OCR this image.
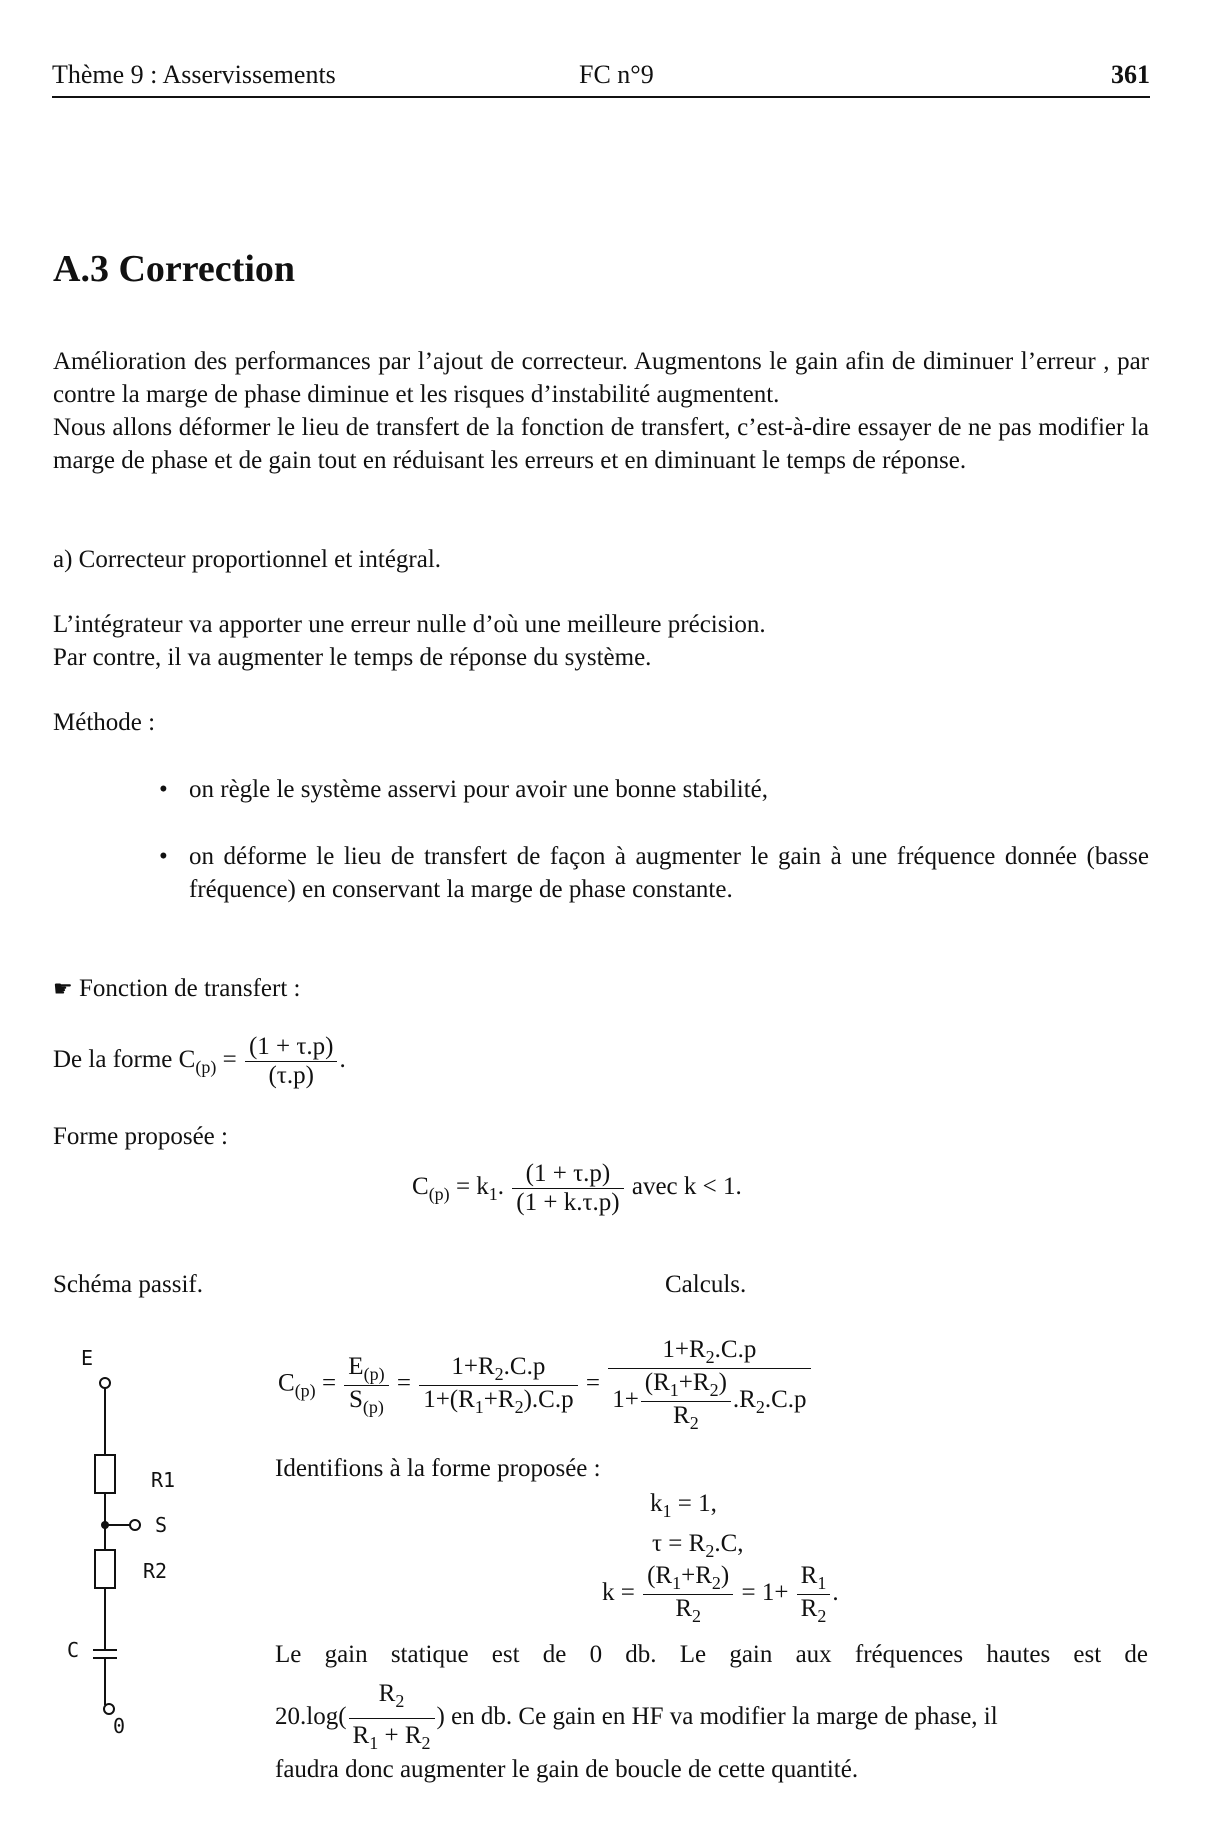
Thème 9 : Asservissements	FC n°9	361
A.3 Correction
Amélioration des performances par l’ajout de correcteur. Augmentons le gain afin de diminuer l’erreur , par contre la marge de phase diminue et les risques d’instabilité augmentent.
Nous allons déformer le lieu de transfert de la fonction de transfert, c’est-à-dire essayer de ne pas modifier la marge de phase et de gain tout en réduisant les erreurs et en diminuant le temps de réponse.
a) Correcteur proportionnel et intégral.
L’intégrateur va apporter une erreur nulle d’où une meilleure précision.
Par contre, il va augmenter le temps de réponse du système.
Méthode :
• on règle le système asservi pour avoir une bonne stabilité,
• on déforme le lieu de transfert de façon à augmenter le gain à une fréquence donnée (basse fréquence) en conservant la marge de phase constante.
☛ Fonction de transfert :
De la forme $C_{(p)} = \frac{(1 + \tau.p)}{(\tau.p)}$ .
Forme proposée :
$C_{(p)} = k_1$. $\frac{(1 + \tau.p)}{(1 + k.\tau.p)}$ avec k < 1.
Schéma passif.	Calculs.
E
R1
S
R2
C
0
$C_{(p)} = \frac{E_{(p)}}{S_{(p)}} = \frac{1+R_2.C.p}{1+(R_1+R_2).C.p} = \frac{1+R_2.C.p}{1+ \frac{(R_1+R_2)}{R_2} .R_2.C.p}$
Identifions à la forme proposée :
$k_1 = 1$,
$\tau = R_2.C$,
$k = \frac{(R_1+R_2)}{R_2} = 1+ \frac{R_1}{R_2}$ .
Le gain statique est de 0 db. Le gain aux fréquences hautes est de
$20.\log( \frac{R_2}{R_1 + R_2}$ ) en db. Ce gain en HF va modifier la marge de phase, il
faudra donc augmenter le gain de boucle de cette quantité.
